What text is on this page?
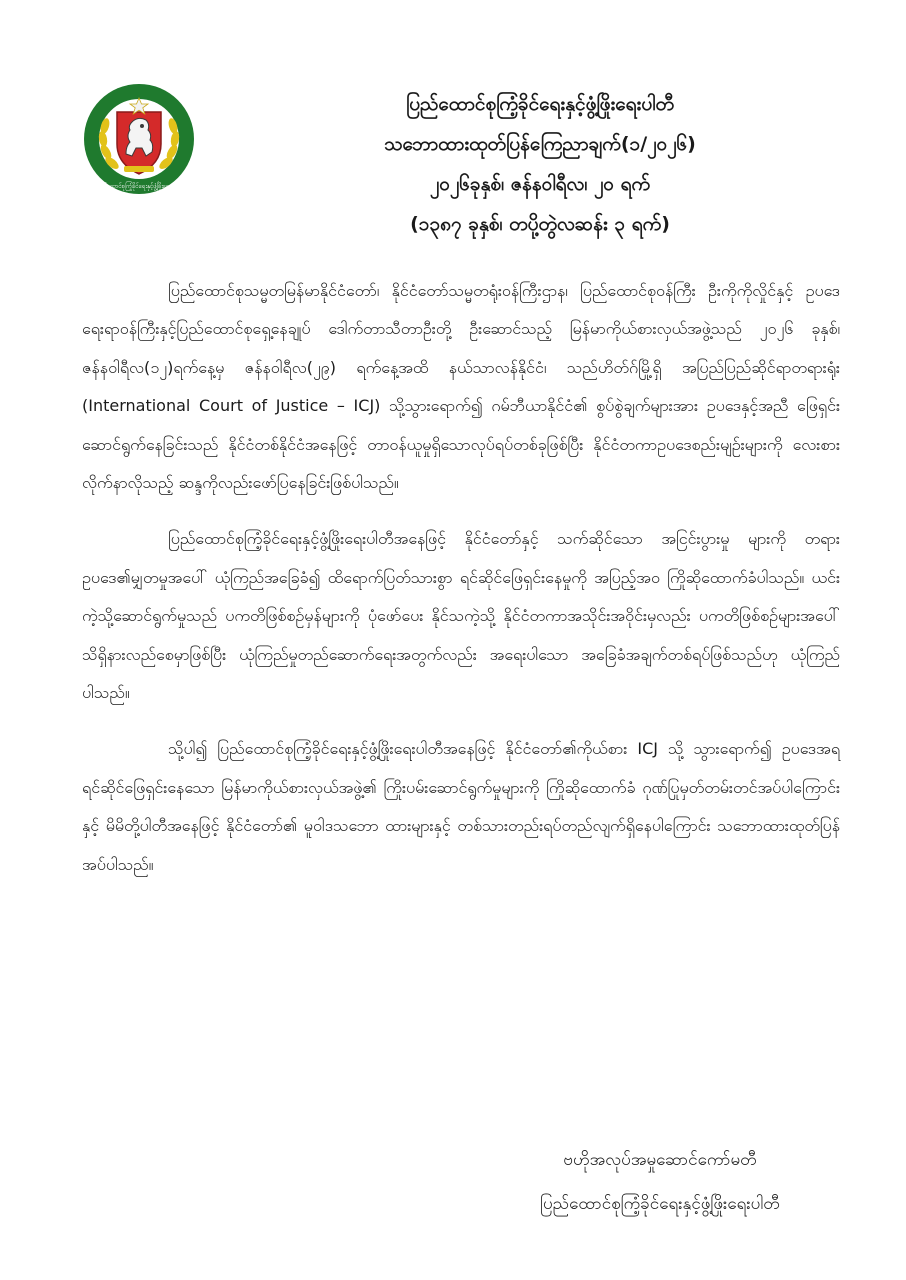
ပြည်ထောင်စုကြံ့ခိုင်ရေးနှင့်ဖွံ့ဖြိုးရေးပါတီ
ပြည်ထောင်စုကြံ့ခိုင်ရေးနှင့်ဖွံ့ဖြိုးရေးပါတီ
သဘောထားထုတ်ပြန်ကြေညာချက်(၁/၂၀၂၆)
၂၀၂၆ခုနှစ်၊ ဇန်နဝါရီလ၊ ၂၀ ရက်
(၁၃၈၇ ခုနှစ်၊ တပို့တွဲလဆန်း ၃ ရက်)

ပြည်ထောင်စုသမ္မတမြန်မာနိုင်ငံတော်၊ နိုင်ငံတော်သမ္မတရုံးဝန်ကြီးဌာန၊ ပြည်ထောင်စုဝန်ကြီး ဦးကိုကိုလှိုင်နှင့် ဥပဒေရေးရာဝန်ကြီးနှင့်ပြည်ထောင်စုရှေ့နေချုပ် ဒေါက်တာသီတာဦးတို့ ဦးဆောင်သည့် မြန်မာကိုယ်စားလှယ်အဖွဲ့သည် ၂၀၂၆ ခုနှစ်၊ ဇန်နဝါရီလ(၁၂)ရက်နေ့မှ ဇန်နဝါရီလ(၂၉) ရက်နေ့အထိ နယ်သာလန်နိုင်ငံ၊ သည်ဟိတ်ဂ်မြို့ရှိ အပြည်ပြည်ဆိုင်ရာတရားရုံး (International Court of Justice – ICJ) သို့သွားရောက်၍ ဂမ်ဘီယာနိုင်ငံ၏ စွပ်စွဲချက်များအား ဥပဒေနှင့်အညီ ဖြေရှင်းဆောင်ရွက်နေခြင်းသည် နိုင်ငံတစ်နိုင်ငံအနေဖြင့် တာဝန်ယူမှုရှိသောလုပ်ရပ်တစ်ခုဖြစ်ပြီး နိုင်ငံတကာဥပဒေစည်းမျဉ်းများကို လေးစား လိုက်နာလိုသည့် ဆန္ဒကိုလည်းဖော်ပြနေခြင်းဖြစ်ပါသည်။

ပြည်ထောင်စုကြံ့ခိုင်ရေးနှင့်ဖွံ့ဖြိုးရေးပါတီအနေဖြင့် နိုင်ငံတော်နှင့် သက်ဆိုင်သော အငြင်းပွားမှု များကို တရားဥပဒေ၏မျှတမှုအပေါ် ယုံကြည်အခြေခံ၍ ထိရောက်ပြတ်သားစွာ ရင်ဆိုင်ဖြေရှင်းနေမှုကို အပြည့်အဝ ကြိုဆိုထောက်ခံပါသည်။ ယင်းကဲ့သို့ဆောင်ရွက်မှုသည် ပကတိဖြစ်စဉ်မှန်များကို ပုံဖော်ပေး နိုင်သကဲ့သို့ နိုင်ငံတကာအသိုင်းအဝိုင်းမှလည်း ပကတိဖြစ်စဉ်များအပေါ် သိရှိနားလည်စေမှာဖြစ်ပြီး ယုံကြည်မှုတည်ဆောက်ရေးအတွက်လည်း အရေးပါသော အခြေခံအချက်တစ်ရပ်ဖြစ်သည်ဟု ယုံကြည် ပါသည်။

သို့ပါ၍ ပြည်ထောင်စုကြံ့ခိုင်ရေးနှင့်ဖွံ့ဖြိုးရေးပါတီအနေဖြင့် နိုင်ငံတော်၏ကိုယ်စား ICJ သို့ သွားရောက်၍ ဥပဒေအရ ရင်ဆိုင်ဖြေရှင်းနေသော မြန်မာကိုယ်စားလှယ်အဖွဲ့၏ ကြိုးပမ်းဆောင်ရွက်မှုများကို ကြိုဆိုထောက်ခံ ဂုဏ်ပြုမှတ်တမ်းတင်အပ်ပါကြောင်းနှင့် မိမိတို့ပါတီအနေဖြင့် နိုင်ငံတော်၏ မူဝါဒသဘော ထားများနှင့် တစ်သားတည်းရပ်တည်လျက်ရှိနေပါကြောင်း သဘောထားထုတ်ပြန်အပ်ပါသည်။

ဗဟိုအလုပ်အမှုဆောင်ကော်မတီ
ပြည်ထောင်စုကြံ့ခိုင်ရေးနှင့်ဖွံ့ဖြိုးရေးပါတီ
